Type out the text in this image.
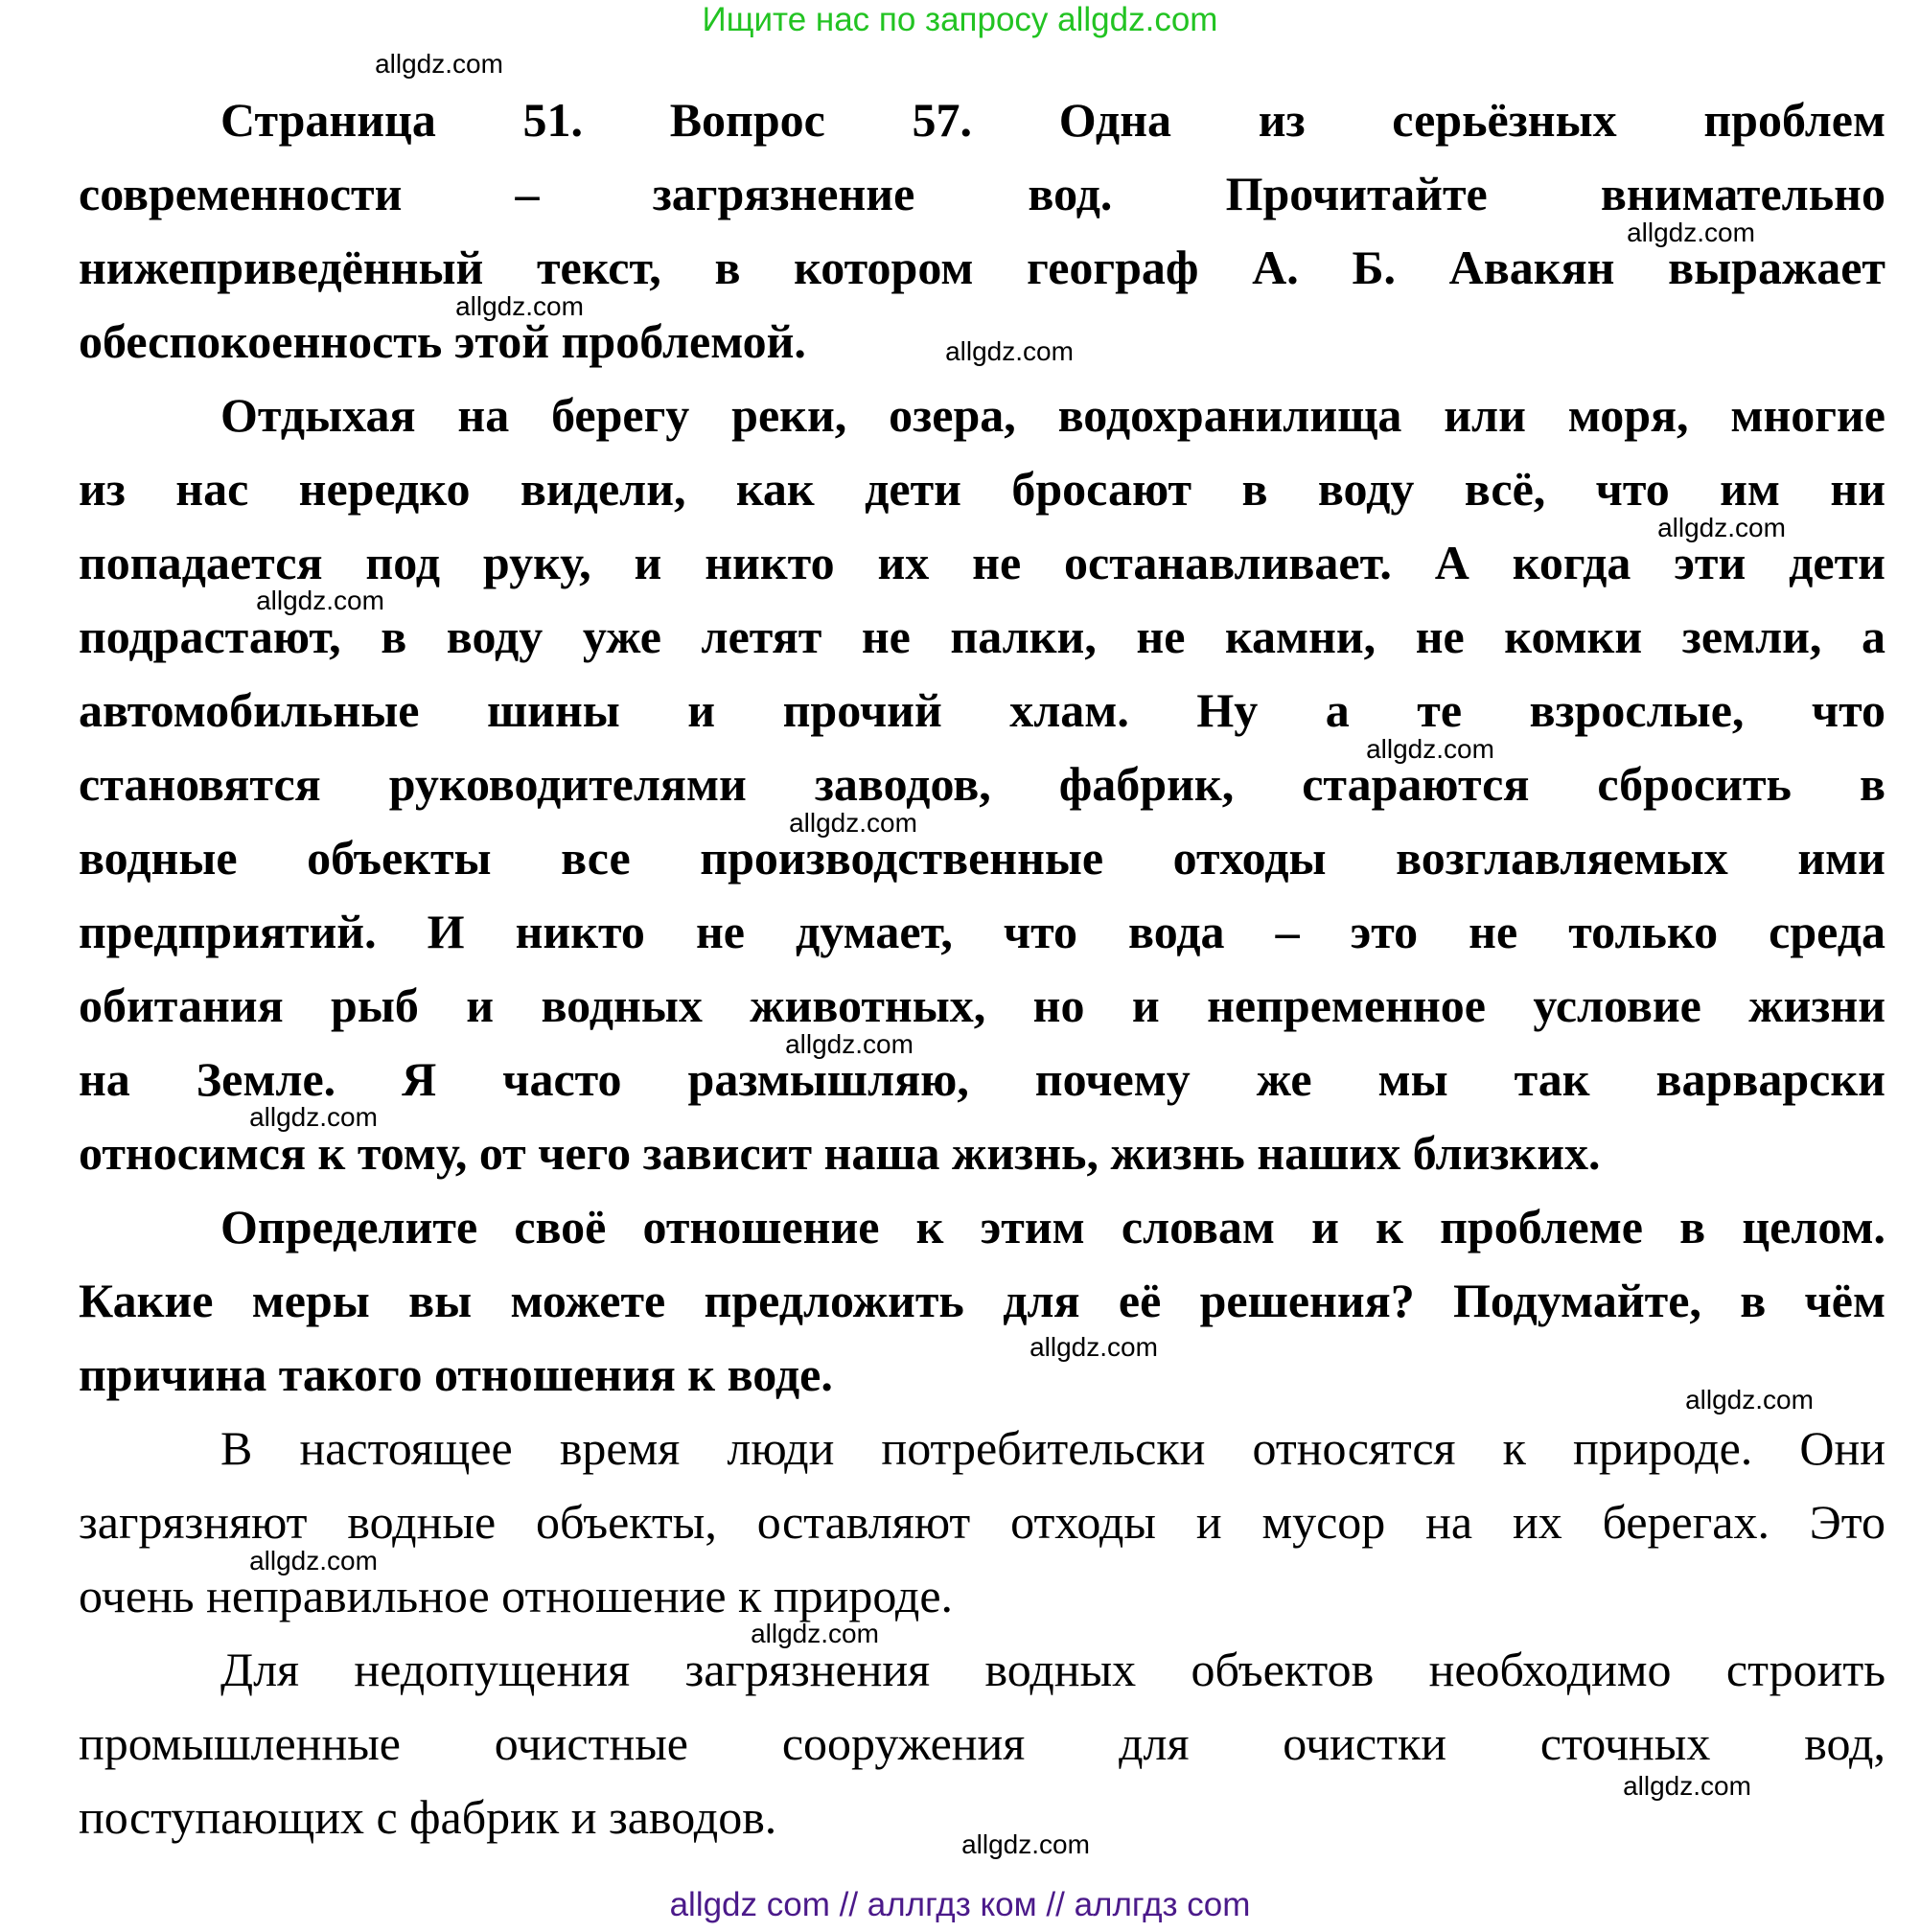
Ищите нас по запросу allgdz.com
Страница 51. Вопрос 57. Одна из серьёзных проблем
современности – загрязнение вод. Прочитайте внимательно
нижеприведённый текст, в котором географ А. Б. Авакян выражает
обеспокоенность этой проблемой.
Отдыхая на берегу реки, озера, водохранилища или моря, многие
из нас нередко видели, как дети бросают в воду всё, что им ни
попадается под руку, и никто их не останавливает. А когда эти дети
подрастают, в воду уже летят не палки, не камни, не комки земли, а
автомобильные шины и прочий хлам. Ну а те взрослые, что
становятся руководителями заводов, фабрик, стараются сбросить в
водные объекты все производственные отходы возглавляемых ими
предприятий. И никто не думает, что вода – это не только среда
обитания рыб и водных животных, но и непременное условие жизни
на Земле. Я часто размышляю, почему же мы так варварски
относимся к тому, от чего зависит наша жизнь, жизнь наших близких.
Определите своё отношение к этим словам и к проблеме в целом.
Какие меры вы можете предложить для её решения? Подумайте, в чём
причина такого отношения к воде.
В настоящее время люди потребительски относятся к природе. Они
загрязняют водные объекты, оставляют отходы и мусор на их берегах. Это
очень неправильное отношение к природе.
Для недопущения загрязнения водных объектов необходимо строить
промышленные очистные сооружения для очистки сточных вод,
поступающих с фабрик и заводов.
allgdz.com
allgdz.com
allgdz.com
allgdz.com
allgdz.com
allgdz.com
allgdz.com
allgdz.com
allgdz.com
allgdz.com
allgdz.com
allgdz.com
allgdz.com
allgdz.com
allgdz.com
allgdz.com
allgdz com // аллгдз ком // аллгдз com
